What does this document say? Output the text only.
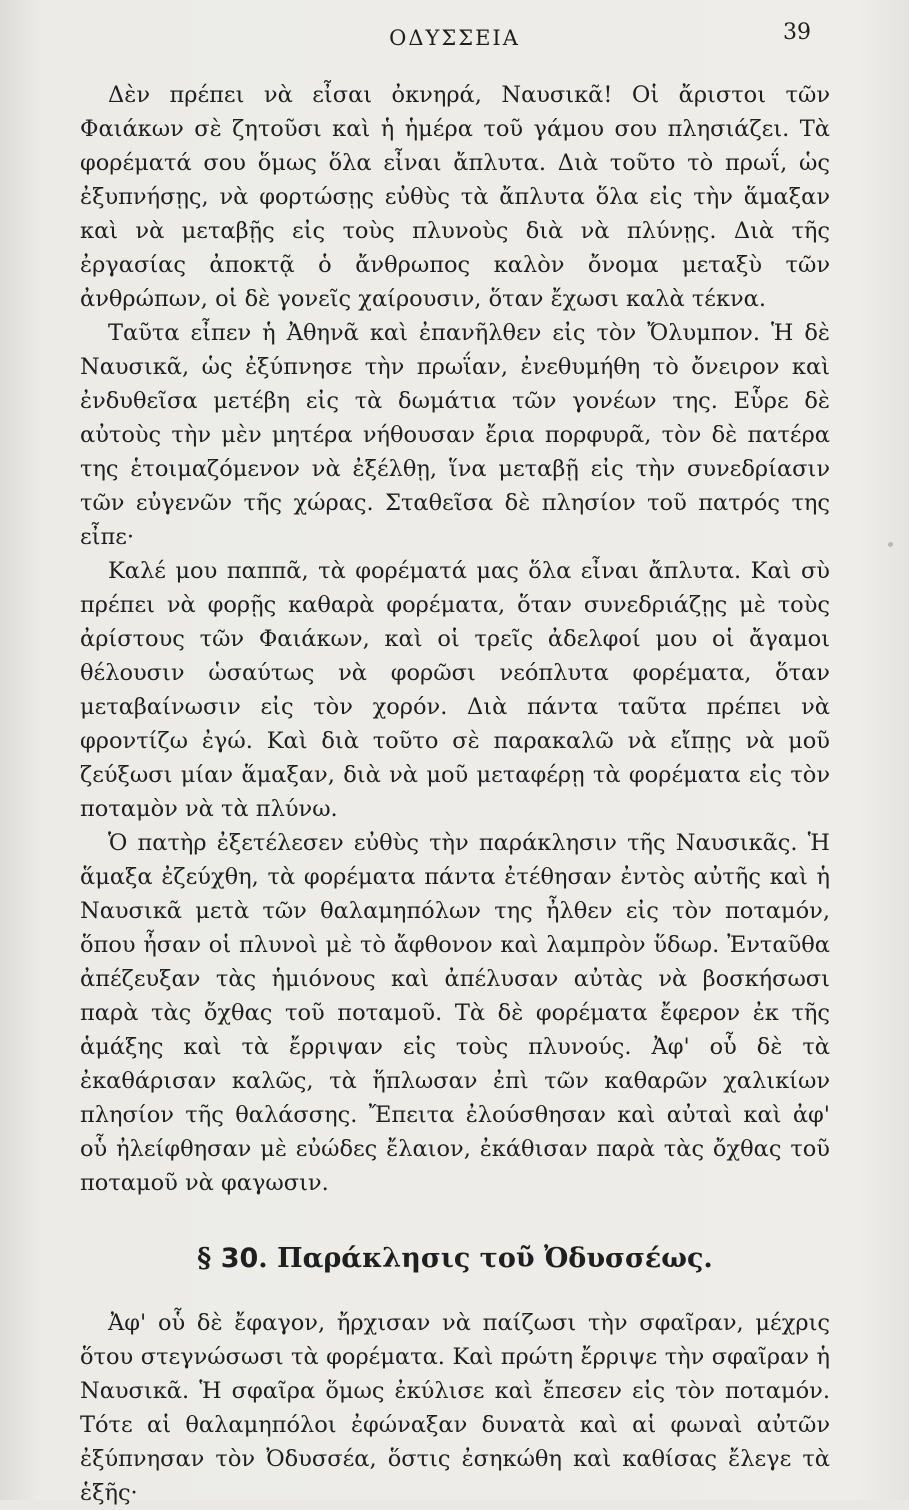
ΟΔΥΣΣΕΙΑ	39

Δὲν πρέπει νὰ εἶσαι ὀκνηρά, Ναυσικᾶ! Οἱ ἄριστοι τῶν Φαιάκων σὲ ζητοῦσι καὶ ἡ ἡμέρα τοῦ γάμου σου πλησιάζει. Τὰ φορέματά σου ὅμως ὅλα εἶναι ἄπλυτα. Διὰ τοῦτο τὸ πρωΐ, ὡς ἐξυπνήσῃς, νὰ φορτώσῃς εὐθὺς τὰ ἄπλυτα ὅλα εἰς τὴν ἅμαξαν καὶ νὰ μεταβῇς εἰς τοὺς πλυνοὺς διὰ νὰ πλύνῃς. Διὰ τῆς ἐργασίας ἀποκτᾷ ὁ ἄνθρωπος καλὸν ὄνομα μεταξὺ τῶν ἀνθρώπων, οἱ δὲ γονεῖς χαίρουσιν, ὅταν ἔχωσι καλὰ τέκνα.

Ταῦτα εἶπεν ἡ Ἀθηνᾶ καὶ ἐπανῆλθεν εἰς τὸν Ὄλυμπον. Ἡ δὲ Ναυσικᾶ, ὡς ἐξύπνησε τὴν πρωΐαν, ἐνεθυμήθη τὸ ὄνειρον καὶ ἐνδυθεῖσα μετέβη εἰς τὰ δωμάτια τῶν γονέων της. Εὗρε δὲ αὐτοὺς τὴν μὲν μητέρα νήθουσαν ἔρια πορφυρᾶ, τὸν δὲ πατέρα της ἑτοιμαζόμενον νὰ ἐξέλθῃ, ἵνα μεταβῇ εἰς τὴν συνεδρίασιν τῶν εὐγενῶν τῆς χώρας. Σταθεῖσα δὲ πλησίον τοῦ πατρός της εἶπε·

Καλέ μου παππᾶ, τὰ φορέματά μας ὅλα εἶναι ἄπλυτα. Καὶ σὺ πρέπει νὰ φορῇς καθαρὰ φορέματα, ὅταν συνεδριάζῃς μὲ τοὺς ἀρίστους τῶν Φαιάκων, καὶ οἱ τρεῖς ἀδελφοί μου οἱ ἄγαμοι θέλουσιν ὡσαύτως νὰ φορῶσι νεόπλυτα φορέματα, ὅταν μεταβαίνωσιν εἰς τὸν χορόν. Διὰ πάντα ταῦτα πρέπει νὰ φροντίζω ἐγώ. Καὶ διὰ τοῦτο σὲ παρακαλῶ νὰ εἴπῃς νὰ μοῦ ζεύξωσι μίαν ἅμαξαν, διὰ νὰ μοῦ μεταφέρῃ τὰ φορέματα εἰς τὸν ποταμὸν νὰ τὰ πλύνω.

Ὁ πατὴρ ἐξετέλεσεν εὐθὺς τὴν παράκλησιν τῆς Ναυσικᾶς. Ἡ ἅμαξα ἐζεύχθη, τὰ φορέματα πάντα ἐτέθησαν ἐντὸς αὐτῆς καὶ ἡ Ναυσικᾶ μετὰ τῶν θαλαμηπόλων της ἦλθεν εἰς τὸν ποταμόν, ὅπου ἦσαν οἱ πλυνοὶ μὲ τὸ ἄφθονον καὶ λαμπρὸν ὕδωρ. Ἐνταῦθα ἀπέζευξαν τὰς ἡμιόνους καὶ ἀπέλυσαν αὐτὰς νὰ βοσκήσωσι παρὰ τὰς ὄχθας τοῦ ποταμοῦ. Τὰ δὲ φορέματα ἔφερον ἐκ τῆς ἁμάξης καὶ τὰ ἔρριψαν εἰς τοὺς πλυνούς. Ἀφ' οὗ δὲ τὰ ἐκαθάρισαν καλῶς, τὰ ἥπλωσαν ἐπὶ τῶν καθαρῶν χαλικίων πλησίον τῆς θαλάσσης. Ἔπειτα ἐλούσθησαν καὶ αὐταὶ καὶ ἀφ' οὗ ἠλείφθησαν μὲ εὐώδες ἔλαιον, ἐκάθισαν παρὰ τὰς ὄχθας τοῦ ποταμοῦ νὰ φαγωσιν.

§ 30. Παράκλησις τοῦ Ὀδυσσέως.

Ἀφ' οὗ δὲ ἔφαγον, ἤρχισαν νὰ παίζωσι τὴν σφαῖραν, μέχρις ὅτου στεγνώσωσι τὰ φορέματα. Καὶ πρώτη ἔρριψε τὴν σφαῖραν ἡ Ναυσικᾶ. Ἡ σφαῖρα ὅμως ἐκύλισε καὶ ἔπεσεν εἰς τὸν ποταμόν. Τότε αἱ θαλαμηπόλοι ἐφώναξαν δυνατὰ καὶ αἱ φωναὶ αὐτῶν ἐξύπνησαν τὸν Ὀδυσσέα, ὅστις ἐσηκώθη καὶ καθίσας ἔλεγε τὰ ἑξῆς·
